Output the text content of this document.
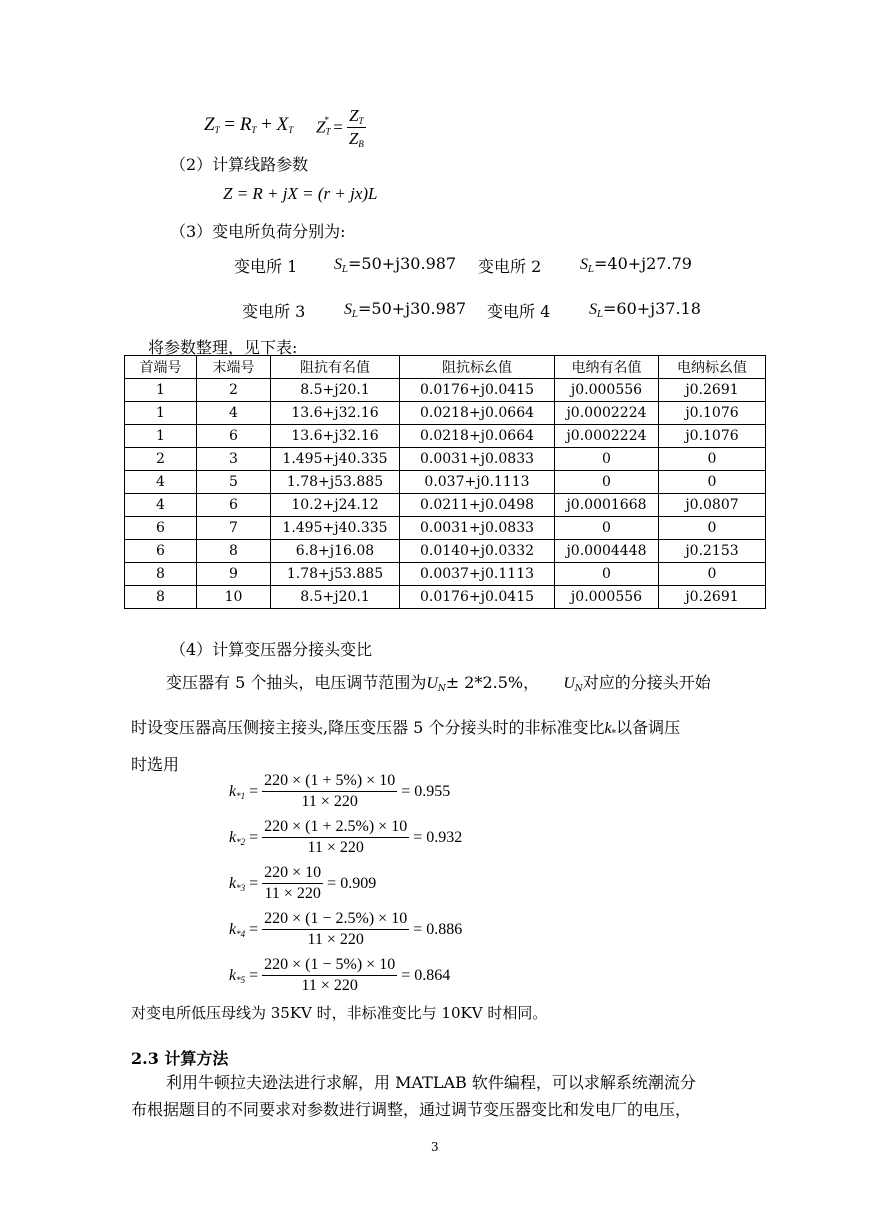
$Z_T = R_T + X_T$ $Z_T^* = \frac{Z_T}{Z_B}$
（2）计算线路参数
Z = R + jX = (r + jx)L
（3）变电所负荷分别为:
变电所 1 $S_L=50+j30.987$ 变电所 2 $S_L=40+j27.79$
变电所 3 $S_L=50+j30.987$ 变电所 4 $S_L=60+j37.18$
将参数整理，见下表:
首端号	末端号	阻抗有名值	阻抗标幺值	电纳有名值	电纳标幺值
1	2	8.5+j20.1	0.0176+j0.0415	j0.000556	j0.2691
1	4	13.6+j32.16	0.0218+j0.0664	j0.0002224	j0.1076
1	6	13.6+j32.16	0.0218+j0.0664	j0.0002224	j0.1076
2	3	1.495+j40.335	0.0031+j0.0833	0	0
4	5	1.78+j53.885	0.037+j0.1113	0	0
4	6	10.2+j24.12	0.0211+j0.0498	j0.0001668	j0.0807
6	7	1.495+j40.335	0.0031+j0.0833	0	0
6	8	6.8+j16.08	0.0140+j0.0332	j0.0004448	j0.2153
8	9	1.78+j53.885	0.0037+j0.1113	0	0
8	10	8.5+j20.1	0.0176+j0.0415	j0.000556	j0.2691
（4）计算变压器分接头变比
变压器有 5 个抽头，电压调节范围为$U_N\pm 2*2.5\%$， $U_N$对应的分接头开始
时设变压器高压侧接主接头,降压变压器 5 个分接头时的非标准变比$k_*$以备调压
时选用
$k_{*1} = \frac{220 \times (1 + 5\%) \times 10}{11 \times 220} = 0.955$
$k_{*2} = \frac{220 \times (1 + 2.5\%) \times 10}{11 \times 220} = 0.932$
$k_{*3} = \frac{220 \times 10}{11 \times 220} = 0.909$
$k_{*4} = \frac{220 \times (1 - 2.5\%) \times 10}{11 \times 220} = 0.886$
$k_{*5} = \frac{220 \times (1 - 5\%) \times 10}{11 \times 220} = 0.864$
对变电所低压母线为 35KV 时，非标准变比与 10KV 时相同。
2.3 计算方法
利用牛顿拉夫逊法进行求解，用 MATLAB 软件编程，可以求解系统潮流分
布根据题目的不同要求对参数进行调整，通过调节变压器变比和发电厂的电压，
3
